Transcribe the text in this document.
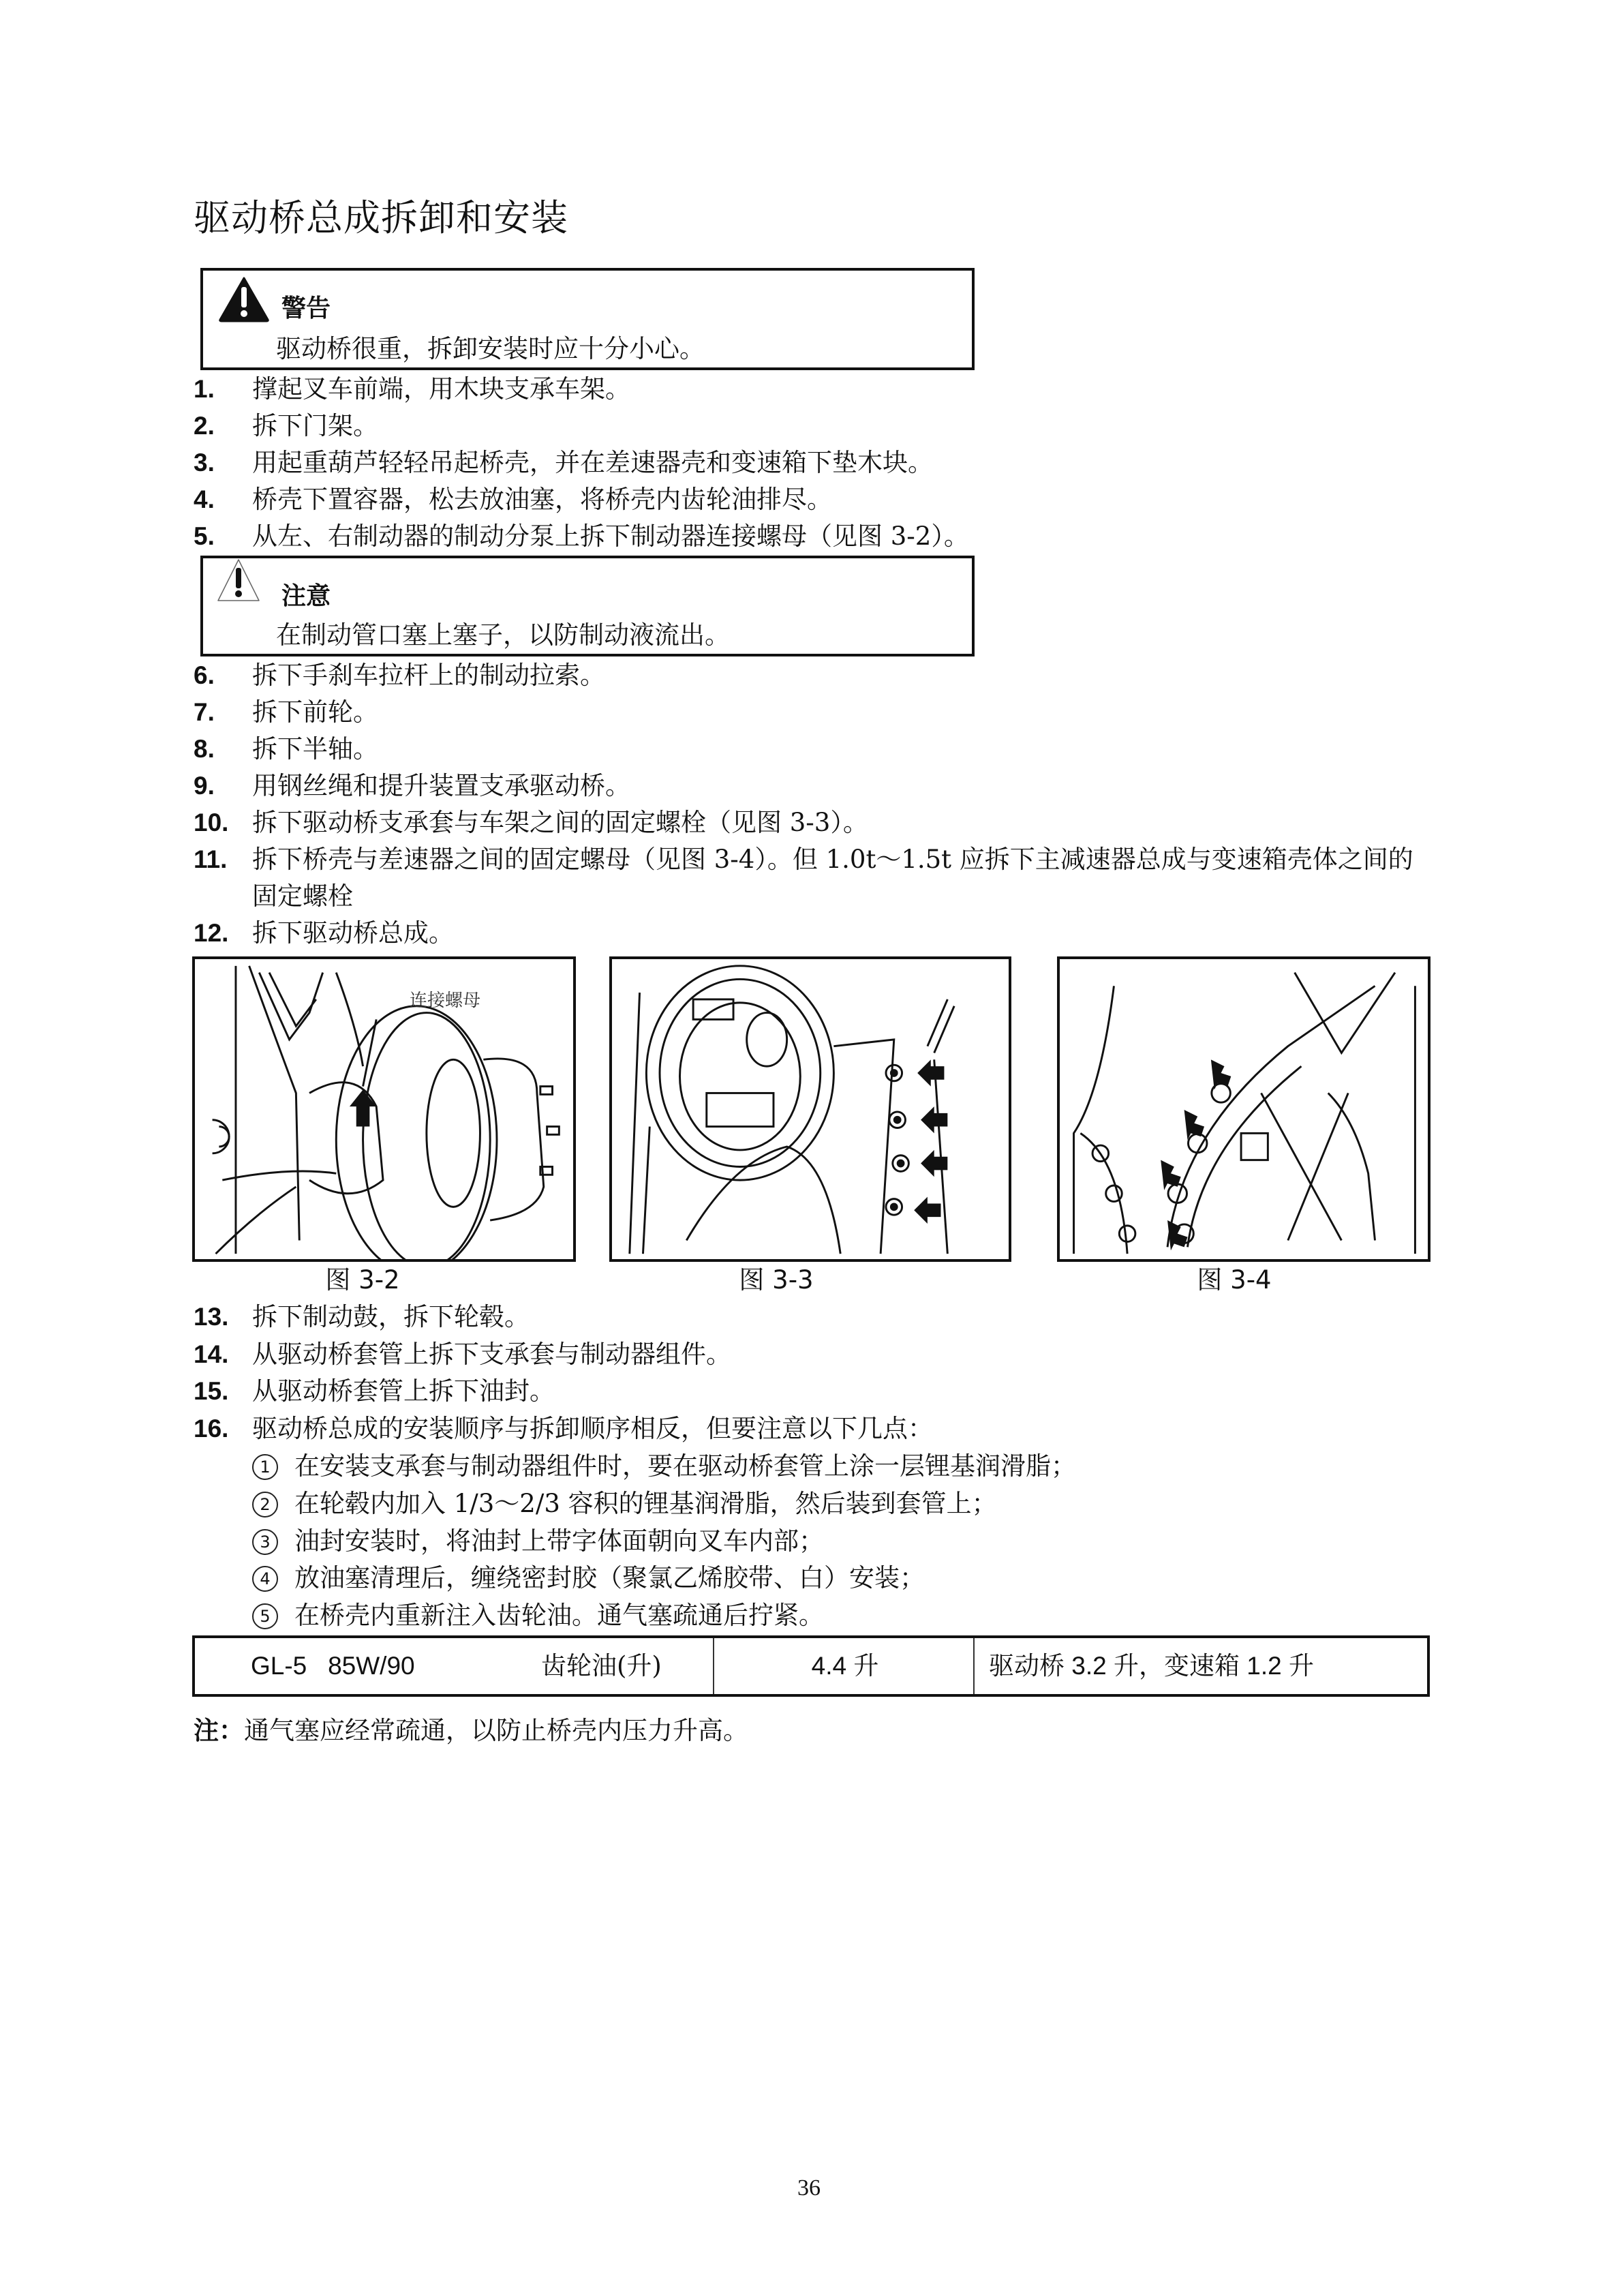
驱动桥总成拆卸和安装
警告
驱动桥很重，拆卸安装时应十分小心。
1. 撑起叉车前端，用木块支承车架。
2. 拆下门架。
3. 用起重葫芦轻轻吊起桥壳，并在差速器壳和变速箱下垫木块。
4. 桥壳下置容器，松去放油塞，将桥壳内齿轮油排尽。
5. 从左、右制动器的制动分泵上拆下制动器连接螺母（见图 3-2）。
注意
在制动管口塞上塞子，以防制动液流出。
6. 拆下手刹车拉杆上的制动拉索。
7. 拆下前轮。
8. 拆下半轴。
9. 用钢丝绳和提升装置支承驱动桥。
10. 拆下驱动桥支承套与车架之间的固定螺栓（见图 3-3）。
11. 拆下桥壳与差速器之间的固定螺母（见图 3-4）。但 1.0t～1.5t 应拆下主减速器总成与变速箱壳体之间的固定螺栓
12. 拆下驱动桥总成。
连接螺母
图 3-2	图 3-3	图 3-4
13. 拆下制动鼓，拆下轮毂。
14. 从驱动桥套管上拆下支承套与制动器组件。
15. 从驱动桥套管上拆下油封。
16. 驱动桥总成的安装顺序与拆卸顺序相反，但要注意以下几点：
1 在安装支承套与制动器组件时，要在驱动桥套管上涂一层锂基润滑脂；
2 在轮毂内加入 1/3～2/3 容积的锂基润滑脂，然后装到套管上；
3 油封安装时，将油封上带字体面朝向叉车内部；
4 放油塞清理后，缠绕密封胶（聚氯乙烯胶带、白）安装；
5 在桥壳内重新注入齿轮油。通气塞疏通后拧紧。
GL-5   85W/90	齿轮油(升)	4.4 升	驱动桥 3.2 升，变速箱 1.2 升
注：通气塞应经常疏通，以防止桥壳内压力升高。
36
